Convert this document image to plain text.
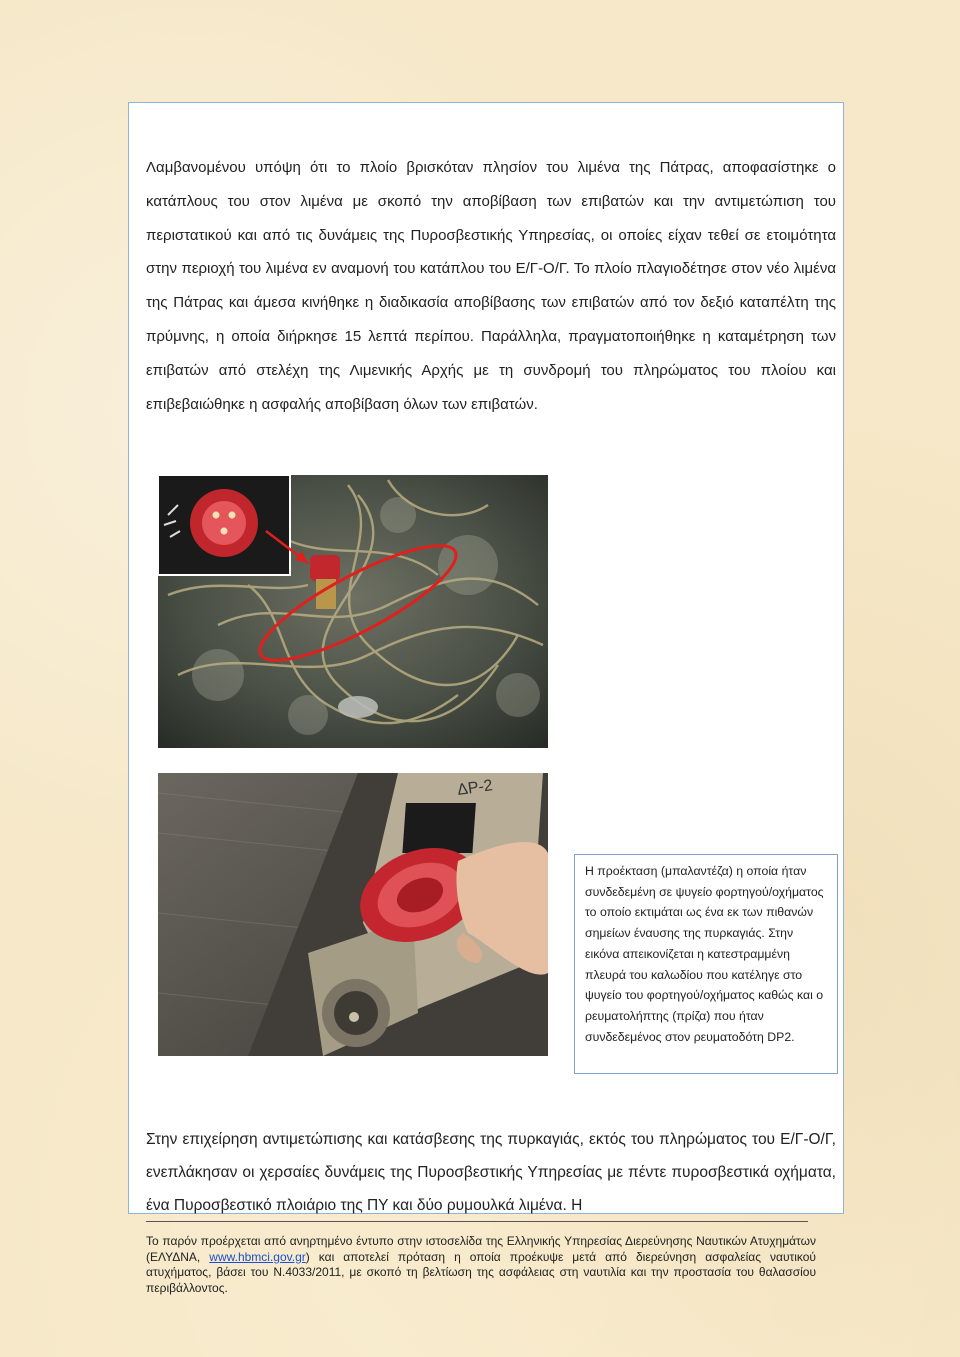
Λαμβανομένου υπόψη ότι το πλοίο βρισκόταν πλησίον του λιμένα της Πάτρας, αποφασίστηκε ο κατάπλους του στον λιμένα με σκοπό την αποβίβαση των επιβατών και την αντιμετώπιση του περιστατικού και από τις δυνάμεις της Πυροσβεστικής Υπηρεσίας, οι οποίες είχαν τεθεί σε ετοιμότητα στην περιοχή του λιμένα εν αναμονή του κατάπλου του Ε/Γ-Ο/Γ. Το πλοίο πλαγιοδέτησε στον νέο λιμένα της Πάτρας και άμεσα κινήθηκε η διαδικασία αποβίβασης των επιβατών από τον δεξιό καταπέλτη της πρύμνης, η οποία διήρκησε 15 λεπτά περίπου. Παράλληλα, πραγματοποιήθηκε η καταμέτρηση των επιβατών από στελέχη της Λιμενικής Αρχής με τη συνδρομή του πληρώματος του πλοίου και επιβεβαιώθηκε η ασφαλής αποβίβαση όλων των επιβατών.

ΔΡ-2

Η προέκταση (μπαλαντέζα) η οποία ήταν συνδεδεμένη σε ψυγείο φορτηγού/οχήματος το οποίο εκτιμάται ως ένα εκ των πιθανών σημείων έναυσης της πυρκαγιάς. Στην εικόνα απεικονίζεται η κατεστραμμένη πλευρά του καλωδίου που κατέληγε στο ψυγείο του φορτηγού/οχήματος καθώς και ο ρευματολήπτης (πρίζα) που ήταν συνδεδεμένος στον ρευματοδότη DP2.

Στην επιχείρηση αντιμετώπισης και κατάσβεσης της πυρκαγιάς, εκτός του πληρώματος του Ε/Γ-Ο/Γ, ενεπλάκησαν οι χερσαίες δυνάμεις της Πυροσβεστικής Υπηρεσίας με πέντε πυροσβεστικά οχήματα, ένα Πυροσβεστικό πλοιάριο της ΠΥ και δύο ρυμουλκά λιμένα. Η

Το παρόν προέρχεται από ανηρτημένο έντυπο στην ιστοσελίδα της Ελληνικής Υπηρεσίας Διερεύνησης Ναυτικών Ατυχημάτων (ΕΛΥΔΝΑ, www.hbmci.gov.gr) και αποτελεί πρόταση η οποία προέκυψε μετά από διερεύνηση ασφαλείας ναυτικού ατυχήματος, βάσει του Ν.4033/2011, με σκοπό τη βελτίωση της ασφάλειας στη ναυτιλία και την προστασία του θαλασσίου περιβάλλοντος.
